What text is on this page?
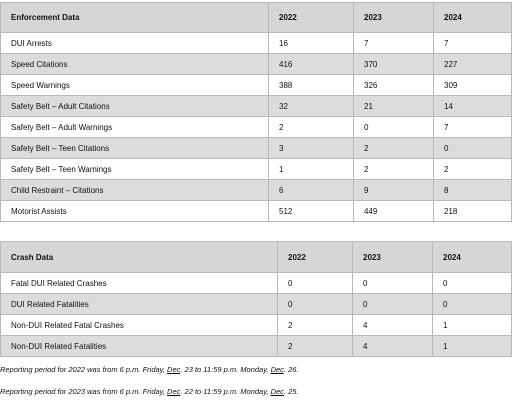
Enforcement Data	2022	2023	2024
DUI Arrests	16	7	7
Speed Citations	416	370	227
Speed Warnings	388	326	309
Safety Belt – Adult Citations	32	21	14
Safety Belt – Adult Warnings	2	0	7
Safety Belt – Teen Citations	3	2	0
Safety Belt – Teen Warnings	1	2	2
Child Restraint – Citations	6	9	8
Motorist Assists	512	449	218
Crash Data	2022	2023	2024
Fatal DUI Related Crashes	0	0	0
DUI Related Fatalities	0	0	0
Non-DUI Related Fatal Crashes	2	4	1
Non-DUI Related Fatalities	2	4	1
Reporting period for 2022 was from 6 p.m. Friday, Dec. 23 to 11:59 p.m. Monday, Dec. 26.
Reporting period for 2023 was from 6 p.m. Friday, Dec. 22 to 11:59 p.m. Monday, Dec. 25.
